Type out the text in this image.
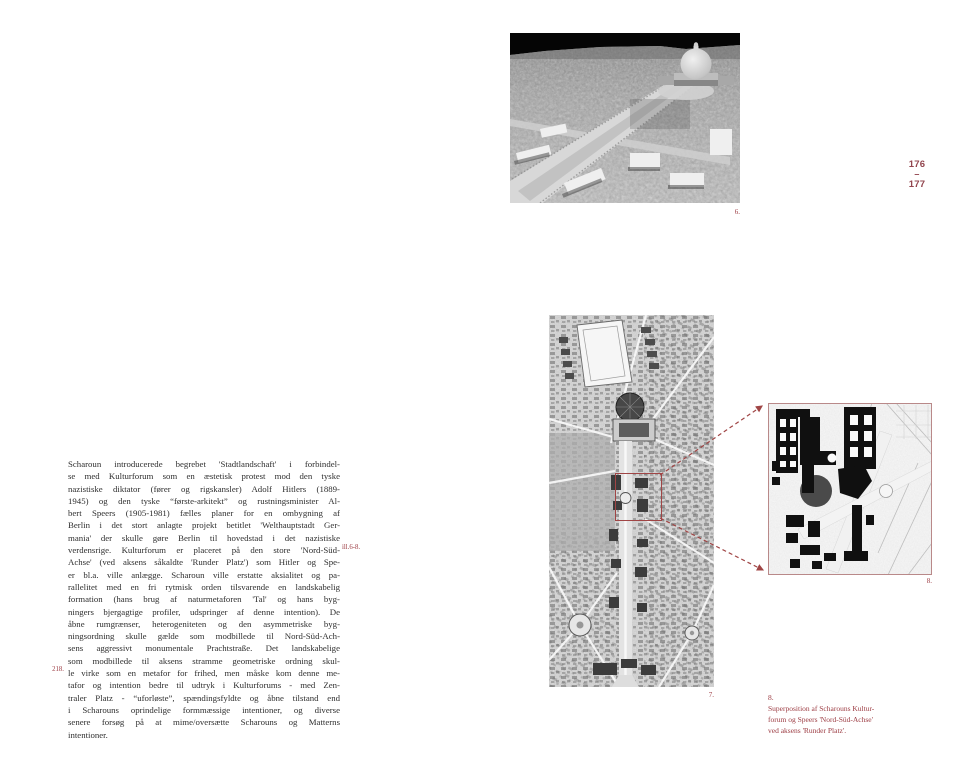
6.
176
–
177
Scharoun introducerede begrebet 'Stadtlandschaft' i forbindel-
se med Kulturforum som en æstetisk protest mod den tyske
nazistiske diktator (fører og rigskansler) Adolf Hitlers (1889-
1945) og den tyske “første-arkitekt” og rustningsminister Al-
bert Speers (1905-1981) fælles planer for en ombygning af
Berlin i det stort anlagte projekt betitlet 'Welthauptstadt Ger-
mania' der skulle gøre Berlin til hovedstad i det nazistiske
verdensrige. Kulturforum er placeret på den store 'Nord-Süd-
Achse' (ved aksens såkaldte 'Runder Platz') som Hitler og Spe-
er bl.a. ville anlægge. Scharoun ville erstatte aksialitet og pa-
rallelitet med en fri rytmisk orden tilsvarende en landskabelig
formation (hans brug af naturmetaforen 'Tal' og hans byg-
ningers bjergagtige profiler, udspringer af denne intention). De
åbne rumgrænser, heterogeniteten og den asymmetriske byg-
ningsordning skulle gælde som modbillede til Nord-Süd-Ach-
sens aggressivt monumentale Prachtstraße. Det landskabelige
som modbillede til aksens stramme geometriske ordning skul-
le virke som en metafor for frihed, men måske kom denne me-
tafor og intention bedre til udtryk i Kulturforums - med Zen-
traler Platz - “uforløste”, spændingsfyldte og åbne tilstand end
i Scharouns oprindelige formmæssige intentioner, og diverse
senere forsøg på at mime/oversætte Scharouns og Matterns
intentioner.
ill.6-8.
218.
7.
8.
8.
Superposition af Scharouns Kultur-
forum og Speers 'Nord-Süd-Achse'
ved aksens 'Runder Platz'.
